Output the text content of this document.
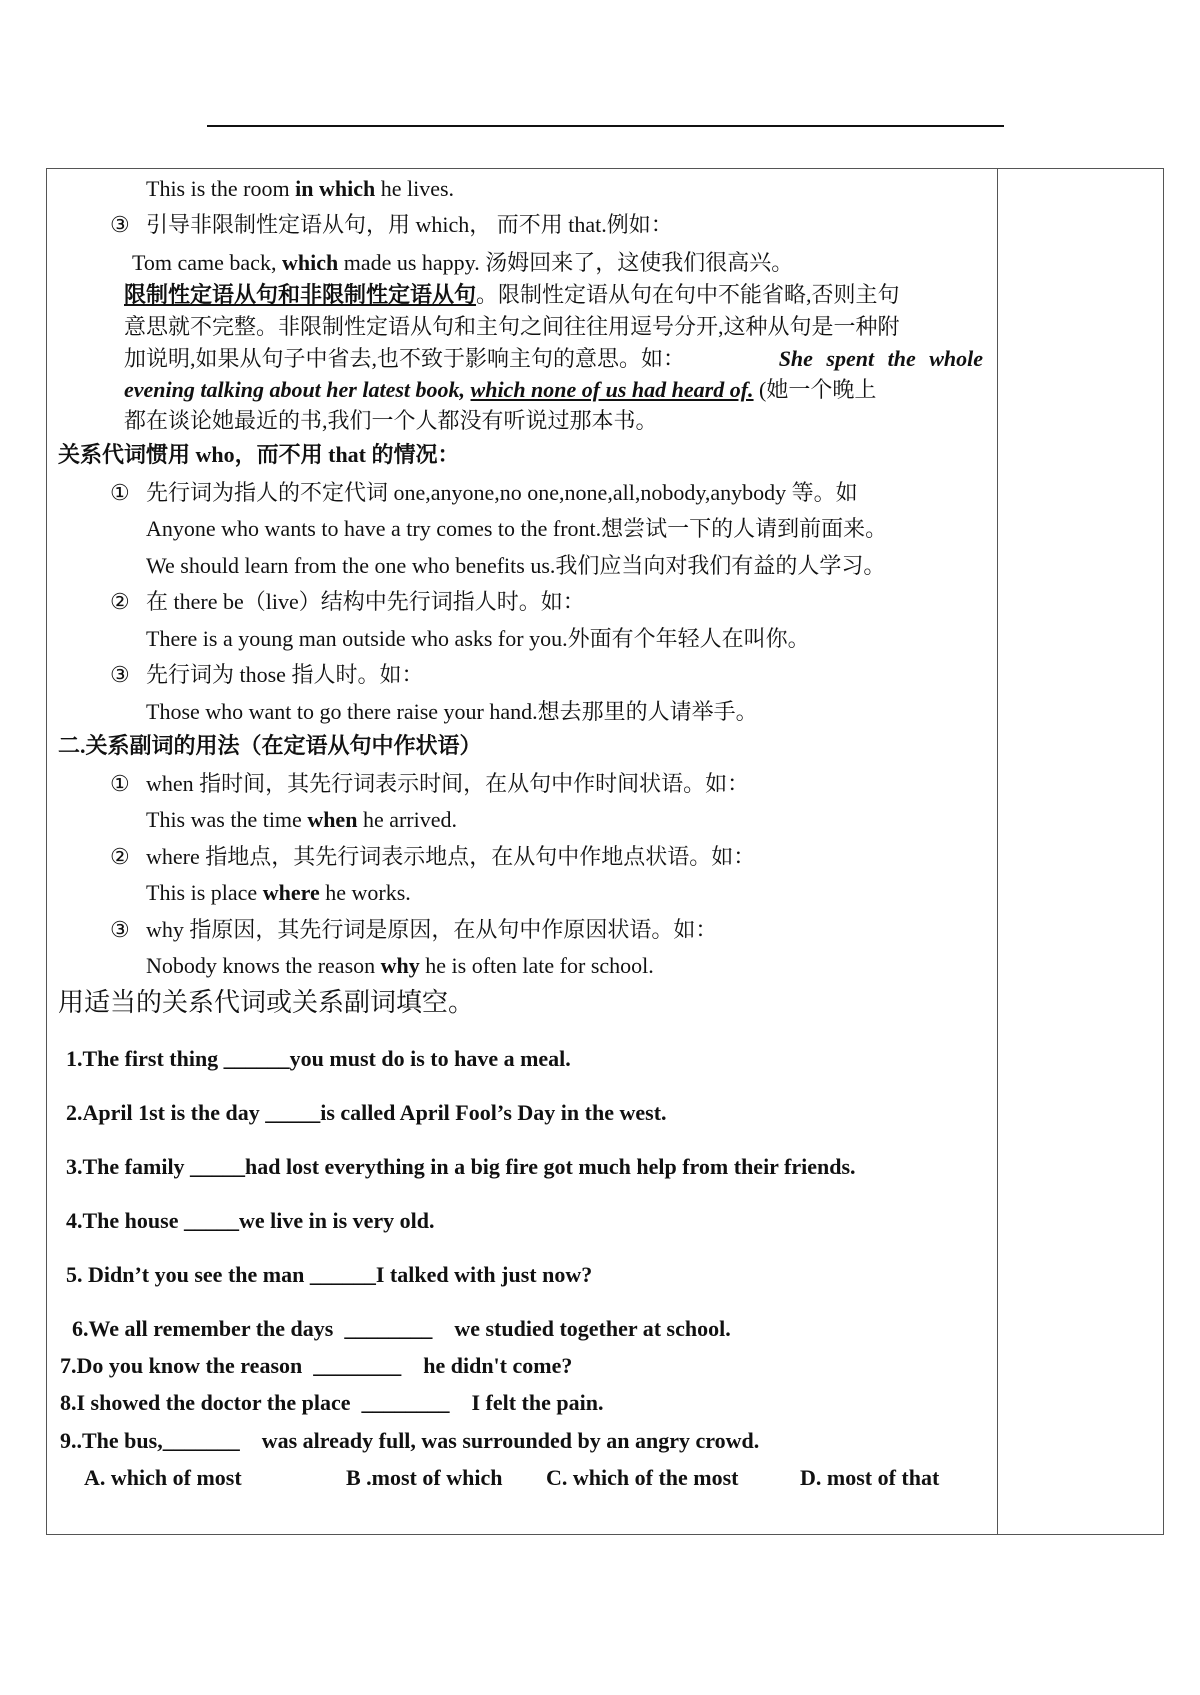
This is the room in which he lives.
③ 引导非限制性定语从句，用 which， 而不用 that.例如：
Tom came back, which made us happy. 汤姆回来了，这使我们很高兴。
限制性定语从句和非限制性定语从句。限制性定语从句在句中不能省略,否则主句
意思就不完整。非限制性定语从句和主句之间往往用逗号分开,这种从句是一种附
加说明,如果从句子中省去,也不致于影响主句的意思。如：	She spent the whole
evening talking about her latest book, which none of us had heard of. (她一个晚上
都在谈论她最近的书,我们一个人都没有听说过那本书。
关系代词惯用 who，而不用 that 的情况：
① 先行词为指人的不定代词 one,anyone,no one,none,all,nobody,anybody 等。如
Anyone who wants to have a try comes to the front.想尝试一下的人请到前面来。
We should learn from the one who benefits us.我们应当向对我们有益的人学习。
② 在 there be（live）结构中先行词指人时。如：
There is a young man outside who asks for you.外面有个年轻人在叫你。
③ 先行词为 those 指人时。如：
Those who want to go there raise your hand.想去那里的人请举手。
二.关系副词的用法（在定语从句中作状语）
① when 指时间，其先行词表示时间，在从句中作时间状语。如：
This was the time when he arrived.
② where 指地点，其先行词表示地点，在从句中作地点状语。如：
This is place where he works.
③ why 指原因，其先行词是原因，在从句中作原因状语。如：
Nobody knows the reason why he is often late for school.
用适当的关系代词或关系副词填空。
1.The first thing ______you must do is to have a meal.
2.April 1st is the day _____is called April Fool’s Day in the west.
3.The family _____had lost everything in a big fire got much help from their friends.
4.The house _____we live in is very old.
5. Didn’t you see the man ______I talked with just now?
6.We all remember the days  ________    we studied together at school.
7.Do you know the reason  ________    he didn't come?
8.I showed the doctor the place  ________    I felt the pain.
9..The bus,_______    was already full, was surrounded by an angry crowd.
A. which of most	B .most of which C. which of the most	D. most of that
